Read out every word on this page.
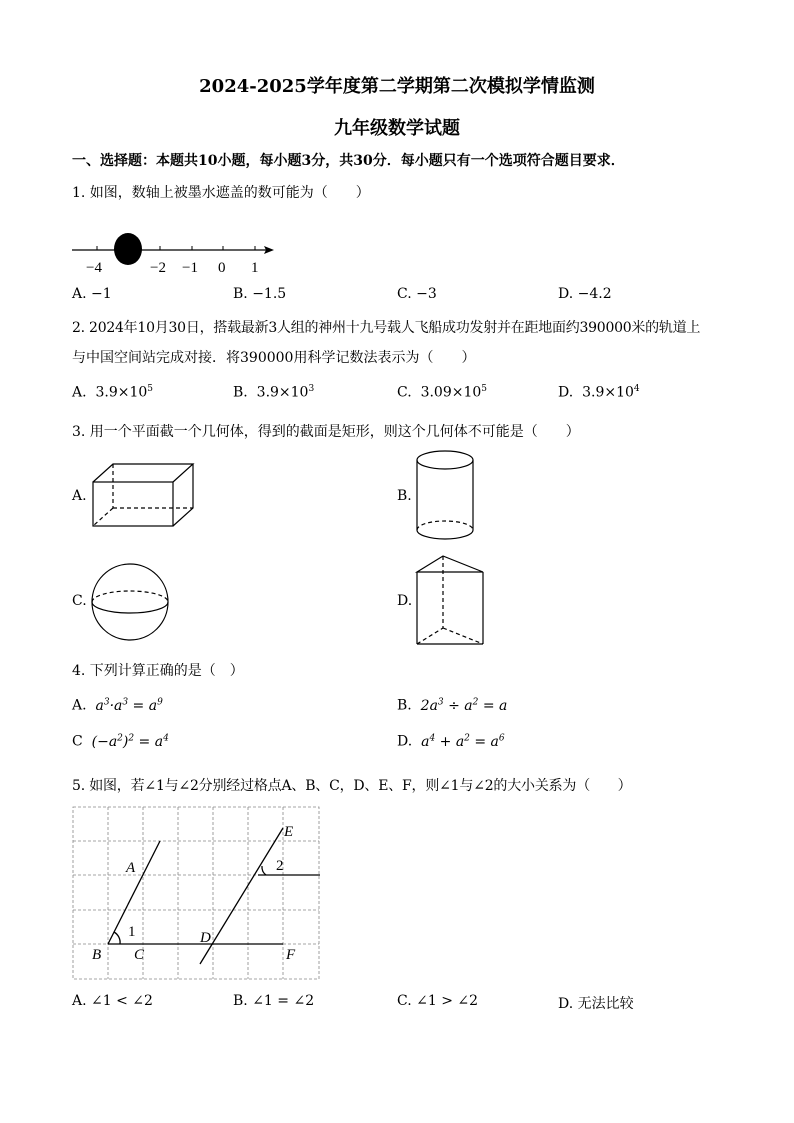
2024-2025学年度第二学期第二次模拟学情监测
九年级数学试题
一、选择题：本题共10小题，每小题3分，共30分．每小题只有一个选项符合题目要求．
1. 如图，数轴上被墨水遮盖的数可能为（　　）
−4	−2 −1 0 1
A. −1	B. −1.5	C. −3	D. −4.2
2. 2024年10月30日，搭载最新3人组的神州十九号载人飞船成功发射并在距地面约390000米的轨道上
与中国空间站完成对接．将390000用科学记数法表示为（　　）
A. $3.9\times 10^5$	B. $3.9\times 10^3$	C. $3.09\times 10^5$	D. $3.9\times 10^4$
3. 用一个平面截一个几何体，得到的截面是矩形，则这个几何体不可能是（　　）
A.	B.
C.	D.
4. 下列计算正确的是（　）
A. $a^3\cdot a^3 = a^9$	B. $2a^3 \div a^2 = a$
C $(-a^2)^2 = a^4$	D. $a^4 + a^2 = a^6$
5. 如图，若∠1与∠2分别经过格点A、B、C，D、E、F，则∠1与∠2的大小关系为（　　）
A
B C
D
E
F
1
2
A. ∠1 < ∠2	B. ∠1 = ∠2	C. ∠1 > ∠2	D. 无法比较
